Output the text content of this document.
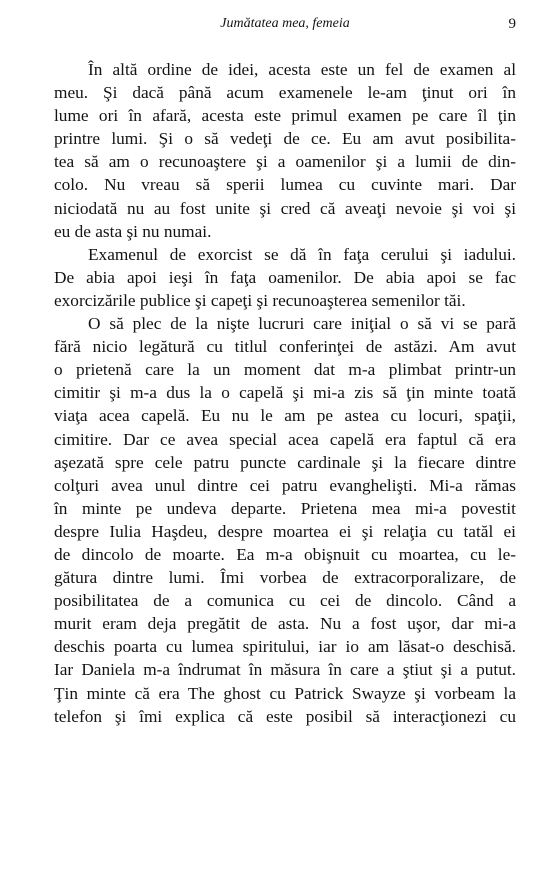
Jumătatea mea, femeia	9
În altă ordine de idei, acesta este un fel de examen al
meu. Şi dacă până acum examenele le-am ţinut ori în
lume ori în afară, acesta este primul examen pe care îl ţin
printre lumi. Şi o să vedeţi de ce. Eu am avut posibilita-
tea să am o recunoaştere şi a oamenilor şi a lumii de din-
colo. Nu vreau să sperii lumea cu cuvinte mari. Dar
niciodată nu au fost unite şi cred că aveaţi nevoie şi voi şi
eu de asta şi nu numai.
Examenul de exorcist se dă în faţa cerului şi iadului.
De abia apoi ieşi în faţa oamenilor. De abia apoi se fac
exorcizările publice şi capeţi şi recunoaşterea semenilor tăi.
O să plec de la nişte lucruri care iniţial o să vi se pară
fără nicio legătură cu titlul conferinţei de astăzi. Am avut
o prietenă care la un moment dat m-a plimbat printr-un
cimitir şi m-a dus la o capelă şi mi-a zis să ţin minte toată
viaţa acea capelă. Eu nu le am pe astea cu locuri, spaţii,
cimitire. Dar ce avea special acea capelă era faptul că era
aşezată spre cele patru puncte cardinale şi la fiecare dintre
colţuri avea unul dintre cei patru evanghelişti. Mi-a rămas
în minte pe undeva departe. Prietena mea mi-a povestit
despre Iulia Haşdeu, despre moartea ei şi relaţia cu tatăl ei
de dincolo de moarte. Ea m-a obişnuit cu moartea, cu le-
gătura dintre lumi. Îmi vorbea de extracorporalizare, de
posibilitatea de a comunica cu cei de dincolo. Când a
murit eram deja pregătit de asta. Nu a fost uşor, dar mi-a
deschis poarta cu lumea spiritului, iar io am lăsat-o deschisă.
Iar Daniela m-a îndrumat în măsura în care a ştiut şi a putut.
Ţin minte că era The ghost cu Patrick Swayze şi vorbeam la
telefon şi îmi explica că este posibil să interacţionezi cu
